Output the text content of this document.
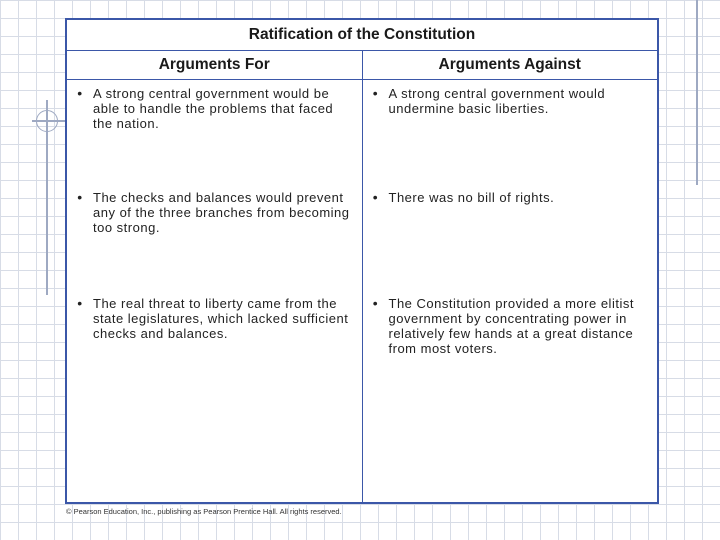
Ratification of the Constitution
Arguments For	Arguments Against
• A strong central government would be able to handle the problems that faced the nation.
• The checks and balances would prevent any of the three branches from becoming too strong.
• The real threat to liberty came from the state legislatures, which lacked sufficient checks and balances.
• A strong central government would undermine basic liberties.
• There was no bill of rights.
• The Constitution provided a more elitist government by concentrating power in relatively few hands at a great distance from most voters.
© Pearson Education, Inc., publishing as Pearson Prentice Hall. All rights reserved.
